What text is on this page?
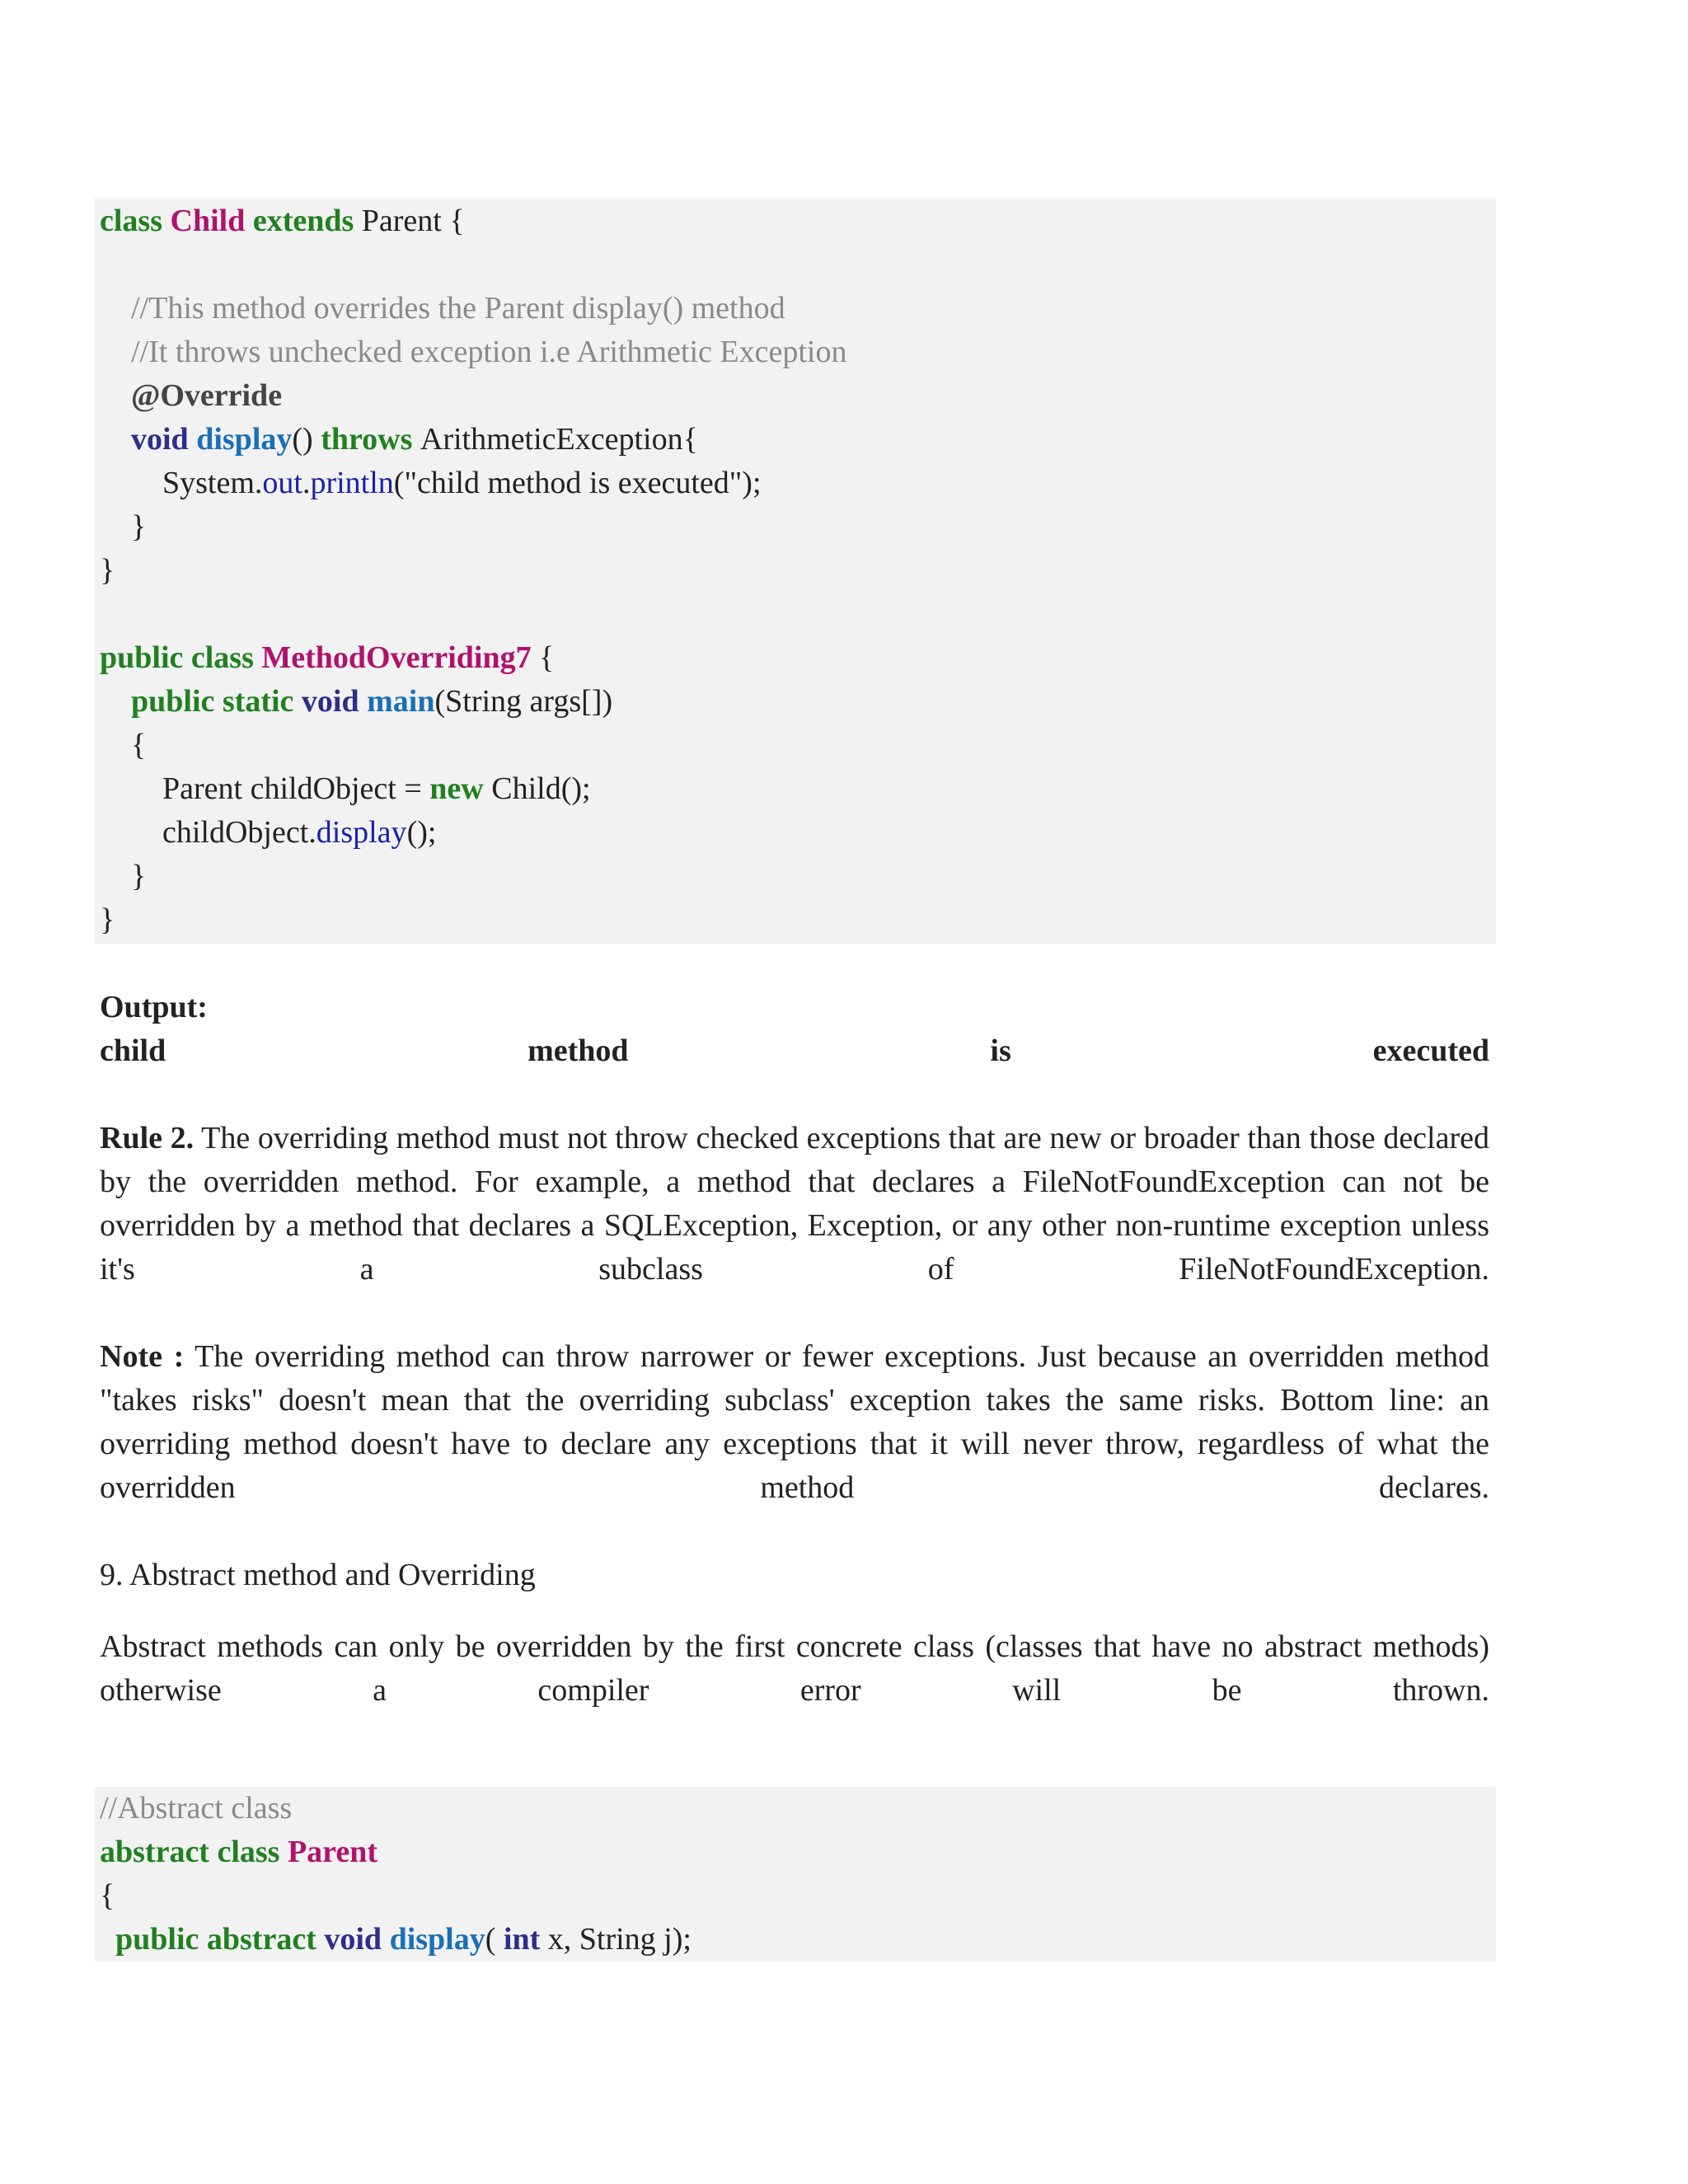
class Child extends Parent {
//This method overrides the Parent display() method
//It throws unchecked exception i.e Arithmetic Exception
@Override
void display() throws ArithmeticException{
System.out.println("child method is executed");
}
}
public class MethodOverriding7 {
public static void main(String args[])
{
Parent childObject = new Child();
childObject.display();
}
}
Output:
child	method	is	executed
Rule 2. The overriding method must not throw checked exceptions that are new or broader than those declared by the overridden method. For example, a method that declares a FileNotFoundException can not be overridden by a method that declares a SQLException, Exception, or any other non-runtime exception unless it's a subclass of FileNotFoundException.
Note : The overriding method can throw narrower or fewer exceptions. Just because an overridden method "takes risks" doesn't mean that the overriding subclass' exception takes the same risks. Bottom line: an overriding method doesn't have to declare any exceptions that it will never throw, regardless of what the overridden method declares.
9. Abstract method and Overriding
Abstract methods can only be overridden by the first concrete class (classes that have no abstract methods) otherwise a compiler error will be thrown.
//Abstract class
abstract class Parent
{
public abstract void display( int x, String j);
